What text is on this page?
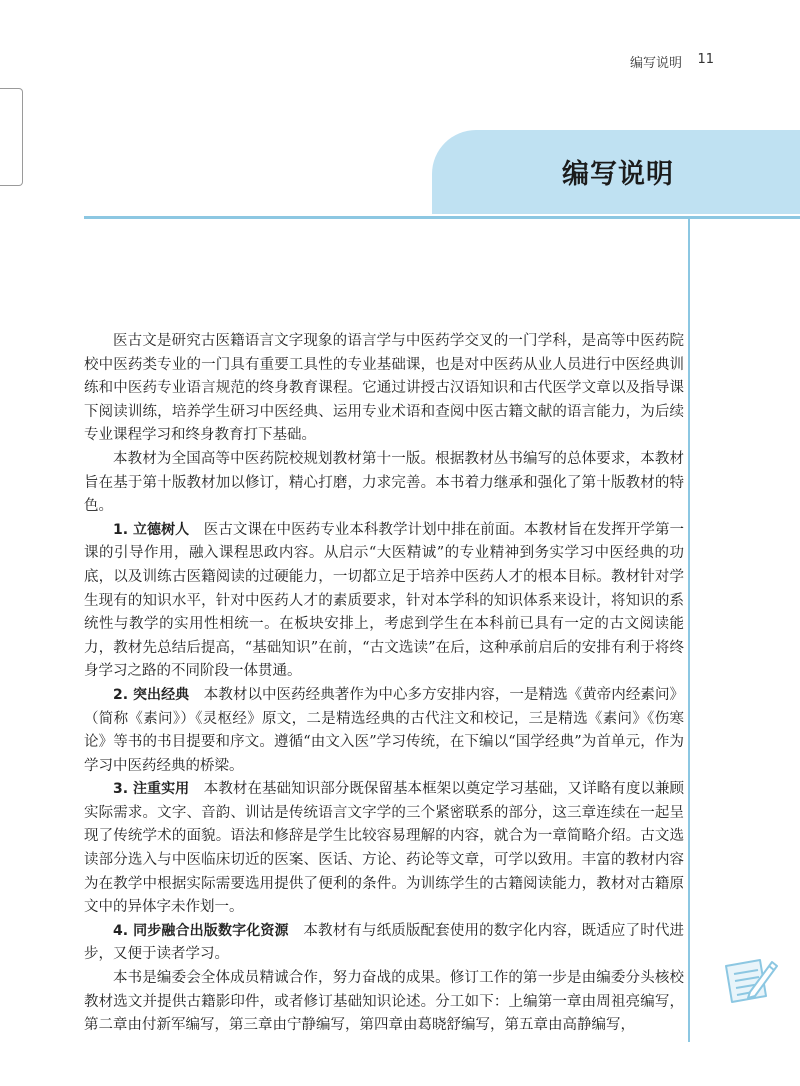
编写说明 11
编写说明

医古文是研究古医籍语言文字现象的语言学与中医药学交叉的一门学科，是高等中医药院校中医药类专业的一门具有重要工具性的专业基础课，也是对中医药从业人员进行中医经典训练和中医药专业语言规范的终身教育课程。它通过讲授古汉语知识和古代医学文章以及指导课下阅读训练，培养学生研习中医经典、运用专业术语和查阅中医古籍文献的语言能力，为后续专业课程学习和终身教育打下基础。

本教材为全国高等中医药院校规划教材第十一版。根据教材丛书编写的总体要求，本教材旨在基于第十版教材加以修订，精心打磨，力求完善。本书着力继承和强化了第十版教材的特色。

1. 立德树人　 医古文课在中医药专业本科教学计划中排在前面。本教材旨在发挥开学第一课的引导作用，融入课程思政内容。从启示“大医精诚”的专业精神到务实学习中医经典的功底，以及训练古医籍阅读的过硬能力，一切都立足于培养中医药人才的根本目标。教材针对学生现有的知识水平，针对中医药人才的素质要求，针对本学科的知识体系来设计，将知识的系统性与教学的实用性相统一。在板块安排上，考虑到学生在本科前已具有一定的古文阅读能力，教材先总结后提高，“基础知识”在前，“古文选读”在后，这种承前启后的安排有利于将终身学习之路的不同阶段一体贯通。

2. 突出经典　 本教材以中医药经典著作为中心多方安排内容，一是精选《黄帝内经素问》（简称《素问》）《灵枢经》原文，二是精选经典的古代注文和校记，三是精选《素问》《伤寒论》等书的书目提要和序文。遵循“由文入医”学习传统，在下编以“国学经典”为首单元，作为学习中医药经典的桥梁。

3. 注重实用　 本教材在基础知识部分既保留基本框架以奠定学习基础，又详略有度以兼顾实际需求。文字、音韵、训诂是传统语言文字学的三个紧密联系的部分，这三章连续在一起呈现了传统学术的面貌。语法和修辞是学生比较容易理解的内容，就合为一章简略介绍。古文选读部分选入与中医临床切近的医案、医话、方论、药论等文章，可学以致用。丰富的教材内容为在教学中根据实际需要选用提供了便利的条件。为训练学生的古籍阅读能力，教材对古籍原文中的异体字未作划一。

4. 同步融合出版数字化资源　 本教材有与纸质版配套使用的数字化内容，既适应了时代进步，又便于读者学习。

本书是编委会全体成员精诚合作，努力奋战的成果。修订工作的第一步是由编委分头核校教材选文并提供古籍影印件，或者修订基础知识论述。分工如下：上编第一章由周祖亮编写，第二章由付新军编写，第三章由宁静编写，第四章由葛晓舒编写，第五章由高静编写，
